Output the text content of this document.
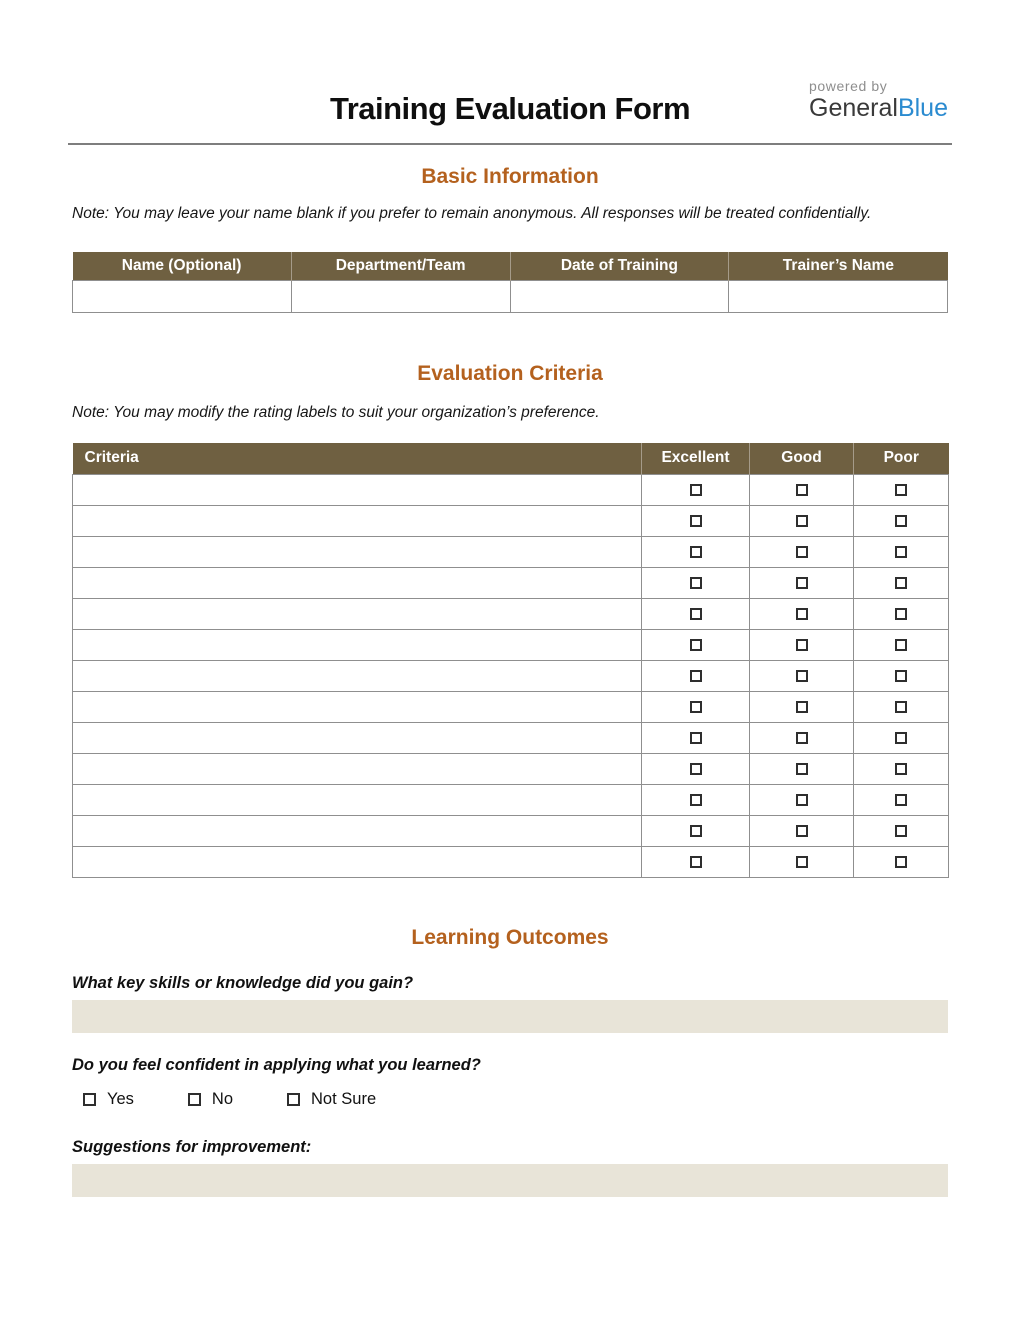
Training Evaluation Form
powered by
GeneralBlue
Basic Information

Note: You may leave your name blank if you prefer to remain anonymous. All responses will be treated confidentially.

Name (Optional)	Department/Team	Date of Training	Trainer’s Name

Evaluation Criteria

Note: You may modify the rating labels to suit your organization’s preference.

Criteria	Excellent	Good	Poor

Learning Outcomes

What key skills or knowledge did you gain?

Do you feel confident in applying what you learned?

Yes	No	Not Sure

Suggestions for improvement:
